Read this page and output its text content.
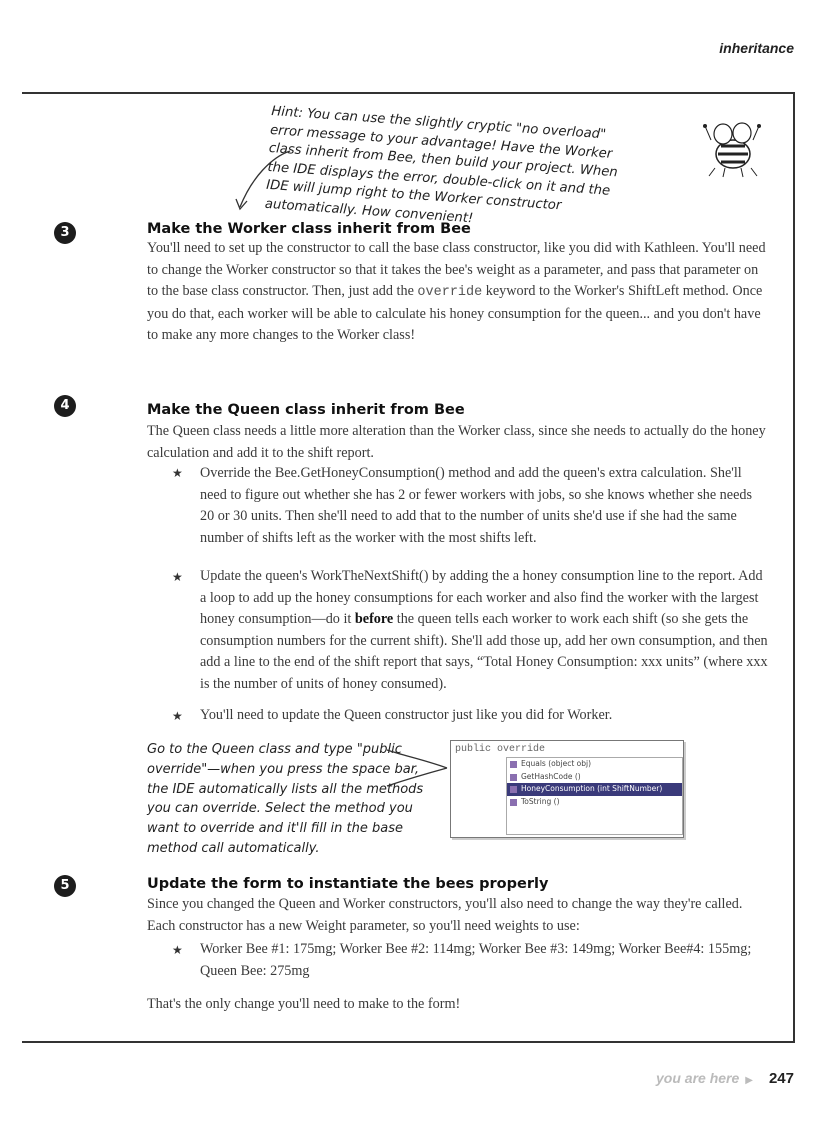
inheritance
Hint: You can use the slightly cryptic "no overload" error message to your advantage! Have the Worker class inherit from Bee, then build your project. When the IDE displays the error, double-click on it and the IDE will jump right to the Worker constructor automatically. How convenient!
3	Make the Worker class inherit from Bee
You'll need to set up the constructor to call the base class constructor, like you did with Kathleen. You'll need to change the Worker constructor so that it takes the bee's weight as a parameter, and pass that parameter on to the base class constructor. Then, just add the override keyword to the Worker's ShiftLeft method. Once you do that, each worker will be able to calculate his honey consumption for the queen... and you don't have to make any more changes to the Worker class!
4	Make the Queen class inherit from Bee
The Queen class needs a little more alteration than the Worker class, since she needs to actually do the honey calculation and add it to the shift report.
★ Override the Bee.GetHoneyConsumption() method and add the queen's extra calculation. She'll need to figure out whether she has 2 or fewer workers with jobs, so she knows whether she needs 20 or 30 units. Then she'll need to add that to the number of units she'd use if she had the same number of shifts left as the worker with the most shifts left.
★ Update the queen's WorkTheNextShift() by adding the a honey consumption line to the report. Add a loop to add up the honey consumptions for each worker and also find the worker with the largest honey consumption—do it before the queen tells each worker to work each shift (so she gets the consumption numbers for the current shift). She'll add those up, add her own consumption, and then add a line to the end of the shift report that says, “Total Honey Consumption: xxx units” (where xxx is the number of units of honey consumed).
★ You'll need to update the Queen constructor just like you did for Worker.
Go to the Queen class and type "public override"—when you press the space bar, the IDE automatically lists all the methods you can override. Select the method you want to override and it'll fill in the base method call automatically.
public override
Equals (object obj)
GetHashCode ()
HoneyConsumption (int ShiftNumber)
ToString ()
5	Update the form to instantiate the bees properly
Since you changed the Queen and Worker constructors, you'll also need to change the way they're called. Each constructor has a new Weight parameter, so you'll need weights to use:
★ Worker Bee #1: 175mg; Worker Bee #2: 114mg; Worker Bee #3: 149mg; Worker Bee#4: 155mg; Queen Bee: 275mg
That's the only change you'll need to make to the form!
you are here ▶ 247
